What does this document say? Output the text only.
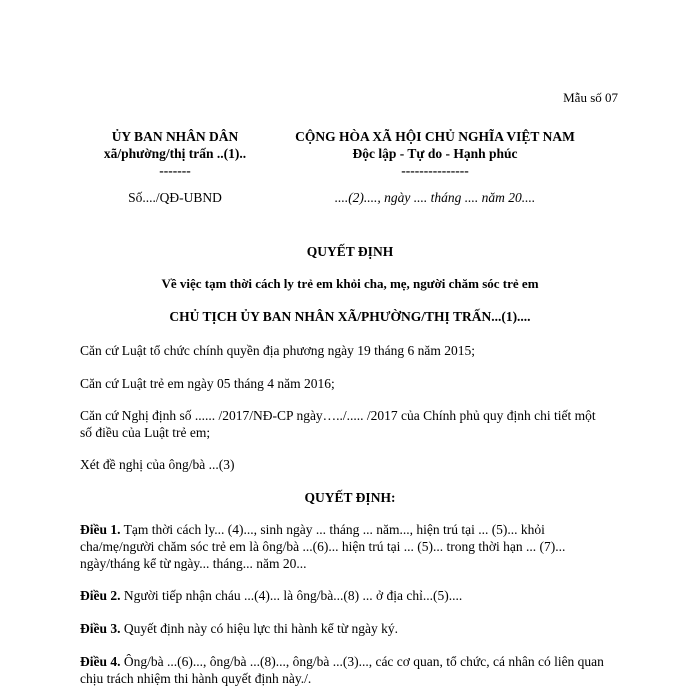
Mẫu số 07
ỦY BAN NHÂN DÂN
xã/phường/thị trấn ..(1)..
-------
Số..../QĐ-UBND
CỘNG HÒA XÃ HỘI CHỦ NGHĨA VIỆT NAM
Độc lập - Tự do - Hạnh phúc
---------------
....(2)...., ngày .... tháng .... năm 20....
QUYẾT ĐỊNH
Về việc tạm thời cách ly trẻ em khỏi cha, mẹ, người chăm sóc trẻ em
CHỦ TỊCH ỦY BAN NHÂN XÃ/PHƯỜNG/THỊ TRẤN...(1)....
Căn cứ Luật tổ chức chính quyền địa phương ngày 19 tháng 6 năm 2015;
Căn cứ Luật trẻ em ngày 05 tháng 4 năm 2016;
Căn cứ Nghị định số ...... /2017/NĐ-CP ngày…../..... /2017 của Chính phủ quy định chi tiết một
số điều của Luật trẻ em;
Xét đề nghị của ông/bà ...(3)
QUYẾT ĐỊNH:
Điều 1. Tạm thời cách ly... (4)..., sinh ngày ... tháng ... năm..., hiện trú tại ... (5)... khỏi
cha/mẹ/người chăm sóc trẻ em là ông/bà ...(6)... hiện trú tại ... (5)... trong thời hạn ... (7)...
ngày/tháng kể từ ngày... tháng... năm 20...
Điều 2. Người tiếp nhận cháu ...(4)... là ông/bà...(8) ... ở địa chỉ...(5)....
Điều 3. Quyết định này có hiệu lực thi hành kể từ ngày ký.
Điều 4. Ông/bà ...(6)..., ông/bà ...(8)..., ông/bà ...(3)..., các cơ quan, tổ chức, cá nhân có liên quan
chịu trách nhiệm thi hành quyết định này./.
